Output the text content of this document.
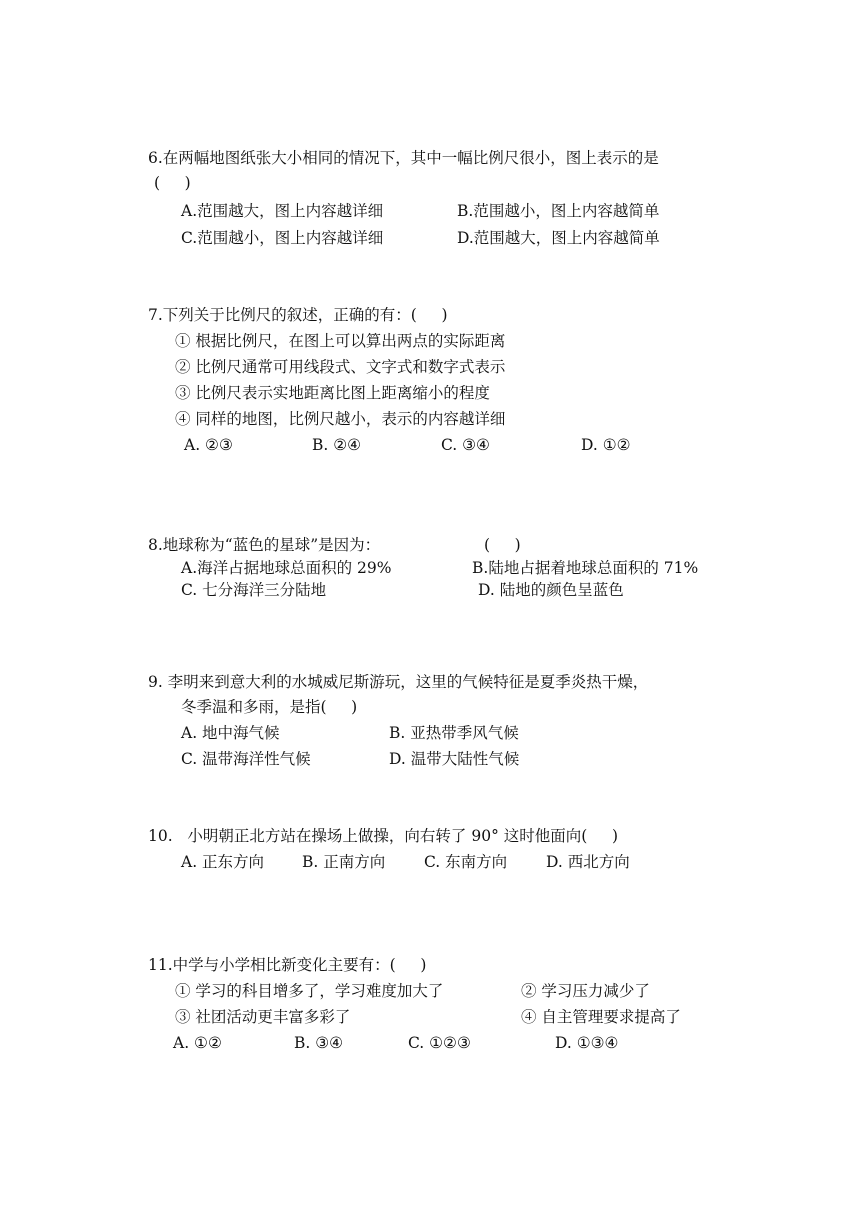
6.在两幅地图纸张大小相同的情况下，其中一幅比例尺很小，图上表示的是
(     )
A.范围越大，图上内容越详细	B.范围越小，图上内容越简单
C.范围越小，图上内容越详细	D.范围越大，图上内容越简单
7.下列关于比例尺的叙述，正确的有：(     )
① 根据比例尺，在图上可以算出两点的实际距离
② 比例尺通常可用线段式、文字式和数字式表示
③ 比例尺表示实地距离比图上距离缩小的程度
④ 同样的地图，比例尺越小，表示的内容越详细
A. ②③	B. ②④	C. ③④	D. ①②
8.地球称为“蓝色的星球”是因为：	(     )
A.海洋占据地球总面积的 29%	B.陆地占据着地球总面积的 71%
C. 七分海洋三分陆地	D. 陆地的颜色呈蓝色
9. 李明来到意大利的水城威尼斯游玩，这里的气候特征是夏季炎热干燥，
冬季温和多雨，是指(     )
A. 地中海气候	B. 亚热带季风气候
C. 温带海洋性气候	D. 温带大陆性气候
10.   小明朝正北方站在操场上做操，向右转了 90° 这时他面向(     )
A. 正东方向 B. 正南方向	C. 东南方向	D. 西北方向
11.中学与小学相比新变化主要有：(     )
① 学习的科目增多了，学习难度加大了	② 学习压力减少了
③ 社团活动更丰富多彩了	④ 自主管理要求提高了
A. ①②	B. ③④	C. ①②③	D. ①③④
